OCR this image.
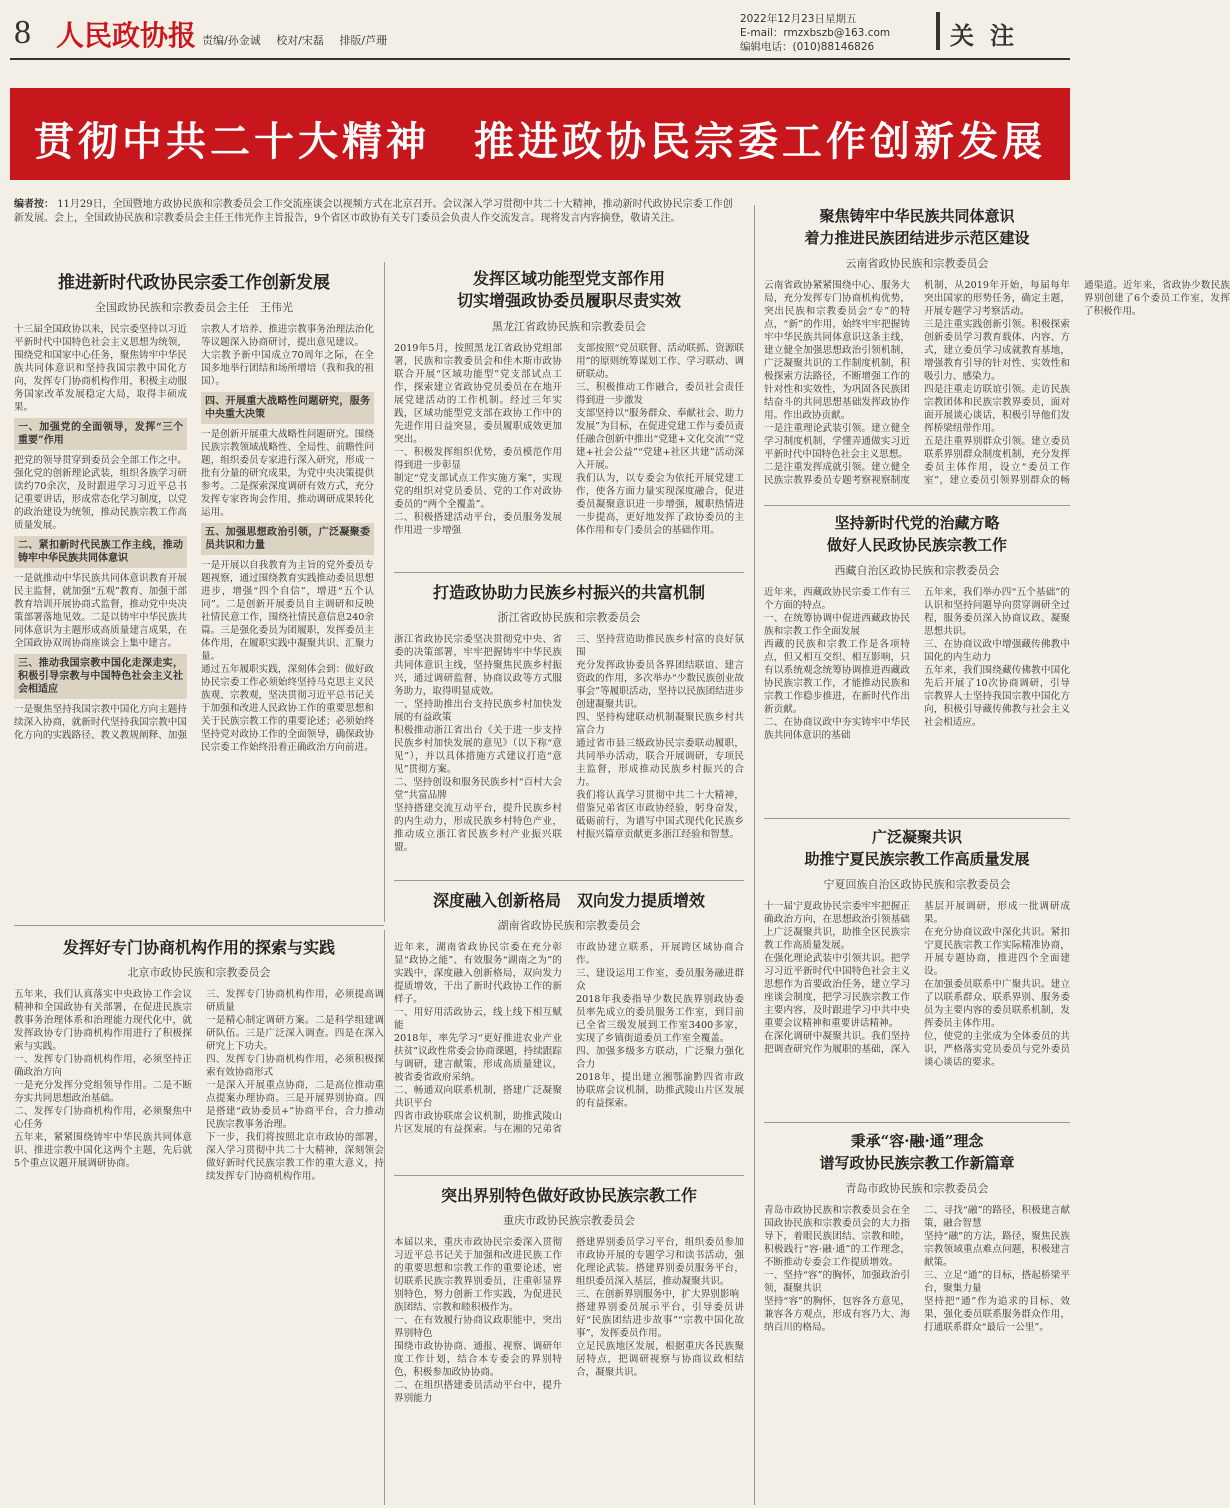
8 人民政协报 责编/孙金诚 校对/宋磊 排版/芦珊
2022年12月23日星期五
E-mail：rmzxbszb@163.com
编辑电话：(010)88146826	关注
贯彻中共二十大精神　推进政协民宗委工作创新发展
编者按： 11月29日，全国暨地方政协民族和宗教委员会工作交流座谈会以视频方式在北京召开。会议深入学习贯彻中共二十大精神，推动新时代政协民宗委工作创新发展。会上，全国政协民族和宗教委员会主任王伟光作主旨报告，9个省区市政协有关专门委员会负责人作交流发言。现将发言内容摘登，敬请关注。
推进新时代政协民宗委工作创新发展
全国政协民族和宗教委员会主任　王伟光

十三届全国政协以来，民宗委坚持以习近平新时代中国特色社会主义思想为统领，围绕党和国家中心任务，聚焦铸牢中华民族共同体意识和坚持我国宗教中国化方向，发挥专门协商机构作用，积极主动服务国家改革发展稳定大局，取得丰硕成果。

一、加强党的全面领导，发挥“三个重要”作用

把党的领导贯穿到委员会全部工作之中。强化党的创新理论武装，组织各族学习研读约70余次，及时跟进学习习近平总书记重要讲话，形成常态化学习制度，以党的政治建设为统领，推动民族宗教工作高质量发展。

二、紧扣新时代民族工作主线，推动铸牢中华民族共同体意识

一是就推动中华民族共同体意识教育开展民主监督，就加强“五观”教育、加强干部教育培训开展协商式监督，推动党中央决策部署落地见效。二是以铸牢中华民族共同体意识为主题形成高质量建言成果，在全国政协双周协商座谈会上集中建言。

三、推动我国宗教中国化走深走实，积极引导宗教与中国特色社会主义社会相适应

一是聚焦坚持我国宗教中国化方向主题持续深入协商，就新时代坚持我国宗教中国化方向的实践路径、教义教规阐释、加强宗教人才培养、推进宗教事务治理法治化等议题深入协商研讨，提出意见建议。

大宗教予新中国成立70周年之际，在全国多地举行团结和场所增培（我和我的祖国）。

四、开展重大战略性问题研究，服务中央重大决策

一是创新开展重大战略性问题研究。围绕民族宗教领域战略性、全局性、前瞻性问题，组织委员专家进行深入研究，形成一批有分量的研究成果，为党中央决策提供参考。二是探索深度调研有效方式，充分发挥专家咨询会作用，推动调研成果转化运用。

五、加强思想政治引领，广泛凝聚委员共识和力量

一是开展以自我教育为主旨的党外委员专题视察，通过围绕教育实践推动委员思想进步，增强“四个自信”，增进“五个认同”。二是创新开展委员自主调研和反映社情民意工作，围绕社情民意信息240余篇。三是强化委员为团履职，发挥委员主体作用，在履职实践中凝聚共识、汇聚力量。

通过五年履职实践，深刻体会到：做好政协民宗委工作必须始终坚持马克思主义民族观、宗教观，坚决贯彻习近平总书记关于加强和改进人民政协工作的重要思想和关于民族宗教工作的重要论述；必须始终坚持党对政协工作的全面领导，确保政协民宗委工作始终沿着正确政治方向前进。

发挥区域功能型党支部作用
切实增强政协委员履职尽责实效
黑龙江省政协民族和宗教委员会

2019年5月，按照黑龙江省政协党组部署，民族和宗教委员会和佳木斯市政协联合开展“区域功能型”党支部试点工作，探索建立省政协党员委员在在地开展党建活动的工作机制。经过三年实践，区域功能型党支部在政协工作中的先进作用日益突显，委员履职成效更加突出。

一、积极发挥组织优势，委员模范作用得到进一步彰显

制定“党支部试点工作实施方案”，实现党的组织对党员委员、党的工作对政协委员的“两个全覆盖”。

二、积极搭建活动平台，委员服务发展作用进一步增强

支部按照“党员联督、活动联抓、资源联用”的原则统筹谋划工作、学习联动、调研联动。

三、积极推动工作融合，委员社会责任得到进一步激发

支部坚持以“服务群众、奉献社会、助力发展”为目标，在促进党建工作与委员责任融合创新中推出“党建+文化交流”“党建+社会公益”“党建+社区共建”活动深入开展。

我们认为，以专委会为依托开展党建工作，使各方面力量实现深度融合，促进委员凝聚意识进一步增强，履职热情进一步提高，更好地发挥了政协委员的主体作用和专门委员会的基础作用。

聚焦铸牢中华民族共同体意识
着力推进民族团结进步示范区建设
云南省政协民族和宗教委员会

云南省政协紧紧围绕中心、服务大局，充分发挥专门协商机构优势，突出民族和宗教委员会“专”的特点，“新”的作用，始终牢牢把握铸牢中华民族共同体意识这条主线，建立健全加强思想政治引领机制，广泛凝聚共识的工作制度机制，积极探索方法路径，不断增强工作的针对性和实效性，为巩固各民族团结奋斗的共同思想基础发挥政协作用。作出政协贡献。

一是注重理论武装引领。建立健全学习制度机制，学懂弄通做实习近平新时代中国特色社会主义思想。

二是注重发挥成就引领。建立健全民族宗教界委员专题考察视察制度机制，从2019年开始，每届每年突出国家的形势任务，确定主题，开展专题学习考察活动。

三是注重实践创新引领。积极探索创新委员学习教育载体、内容、方式，建立委员学习成就教育基地，增强教育引导的针对性、实效性和吸引力、感染力。

四是注重走访联谊引领。走访民族宗教团体和民族宗教界委员，面对面开展谈心谈话，积极引导他们发挥桥梁纽带作用。

五是注重界别群众引领。建立委员联系界别群众制度机制，充分发挥委员主体作用，设立“委员工作室”，建立委员引领界别群众的畅通渠道。近年来，省政协少数民族界别创建了6个委员工作室，发挥了积极作用。

打造政协助力民族乡村振兴的共富机制
浙江省政协民族和宗教委员会

浙江省政协民宗委坚决贯彻党中央、省委的决策部署，牢牢把握铸牢中华民族共同体意识主线，坚持聚焦民族乡村振兴，通过调研监督、协商议政等方式服务助力，取得明显成效。

一、坚持助推出台支持民族乡村加快发展的有益政策

积极推动浙江省出台《关于进一步支持民族乡村加快发展的意见》（以下称“意见”），并以具体措施方式建议打造“意见”贯彻方案。

二、坚持创设和服务民族乡村“百村大会堂”共富品牌

坚持搭建交流互动平台，提升民族乡村的内生动力，形成民族乡村特色产业，推动成立浙江省民族乡村产业振兴联盟。

三、坚持营造助推民族乡村富的良好氛围

充分发挥政协委员各界团结联谊、建言资政的作用，多次举办“少数民族创业故事会”等履职活动，坚持以民族团结进步创建凝聚共识。

四、坚持构建联动机制凝聚民族乡村共富合力

通过省市县三级政协民宗委联动履职，共同举办活动，联合开展调研，专项民主监督，形成推动民族乡村振兴的合力。

我们将认真学习贯彻中共二十大精神，借鉴兄弟省区市政协经验，躬身奋发，砥砺前行，为谱写中国式现代化民族乡村振兴篇章贡献更多浙江经验和智慧。

坚持新时代党的治藏方略
做好人民政协民族宗教工作
西藏自治区政协民族和宗教委员会

近年来，西藏政协民宗委工作有三个方面的特点。

一、在统筹协调中促进西藏政协民族和宗教工作全面发展

西藏的民族和宗教工作是各项特点，但又相互交织、相互影响，只有以系统观念统筹协调推进西藏政协民族宗教工作，才能推动民族和宗教工作稳步推进，在新时代作出新贡献。

二、在协商议政中夯实铸牢中华民族共同体意识的基础

五年来，我们举办四“五个基础”的认识和坚持问题导向贯穿调研全过程，服务委员深入协商议政、凝聚思想共识。

三、在协商议政中增强藏传佛教中国化的内生动力

五年来，我们围绕藏传佛教中国化先后开展了10次协商调研，引导宗教界人士坚持我国宗教中国化方向，积极引导藏传佛教与社会主义社会相适应。

深度融入创新格局　双向发力提质增效
湖南省政协民族和宗教委员会

近年来，湖南省政协民宗委在充分彰显“政协之能”、有效服务“湖南之为”的实践中，深度融入创新格局，双向发力提质增效，干出了新时代政协工作的新样子。

一、用好用活政协云，线上线下相互赋能

2018年，率先学习“更好推进农业产业扶贫”议政性常委会协商课题，持续跟踪与调研，建言献策，形成高质量建议，被省委省政府采纳。

二、畅通双向联系机制，搭建广泛凝聚共识平台

四省市政协联席会议机制，助推武陵山片区发展的有益探索。与在湘的兄弟省市政协建立联系，开展跨区域协商合作。

三、建设运用工作室，委员服务融进群众

2018年我委指导少数民族界别政协委员率先成立的委员服务工作室，到目前已全省三级发展到工作室3400多家，实现了乡镇街道委员工作室全覆盖。

四、加强多级多方联动，广泛聚力强化合力

2018年，提出建立湘鄂渝黔四省市政协联席会议机制，助推武陵山片区发展的有益探索。

广泛凝聚共识
助推宁夏民族宗教工作高质量发展
宁夏回族自治区政协民族和宗教委员会

十一届宁夏政协民宗委牢牢把握正确政治方向，在思想政治引领基础上广泛凝聚共识，助推全区民族宗教工作高质量发展。

在强化理论武装中引领共识。把学习习近平新时代中国特色社会主义思想作为首要政治任务，建立学习座谈会制度，把学习民族宗教工作主要内容，及时跟进学习中共中央重要会议精神和重要讲话精神。

在深化调研中凝聚共识。我们坚持把调查研究作为履职的基础，深入基层开展调研，形成一批调研成果。

在充分协商议政中深化共识。紧扣宁夏民族宗教工作实际精准协商，开展专题协商，推进四个全面建设。

在加强委员联系中广聚共识。建立了以联系群众、联系界别、服务委员为主要内容的委员联系机制，发挥委员主体作用。

位，使党的主张成为全体委员的共识，严格落实党员委员与党外委员谈心谈话的要求。

发挥好专门协商机构作用的探索与实践
北京市政协民族和宗教委员会

五年来，我们认真落实中央政协工作会议精神和全国政协有关部署，在促进民族宗教事务治理体系和治理能力现代化中，就发挥政协专门协商机构作用进行了积极探索与实践。

一、发挥专门协商机构作用，必须坚持正确政治方向

一是充分发挥分党组领导作用。二是不断夯实共同思想政治基础。

二、发挥专门协商机构作用，必须聚焦中心任务

五年来，紧紧围绕铸牢中华民族共同体意识、推进宗教中国化这两个主题，先后就5个重点议题开展调研协商。

三、发挥专门协商机构作用，必须提高调研质量

一是精心制定调研方案。二是科学组建调研队伍。三是广泛深入调查。四是在深入研究上下功夫。

四、发挥专门协商机构作用，必须积极探索有效协商形式

一是深入开展重点协商，二是高位推动重点提案办理协商。三是开展界别协商。四是搭建“政协委员+”协商平台，合力推动民族宗教事务治理。

下一步，我们将按照北京市政协的部署，深入学习贯彻中共二十大精神，深刻领会做好新时代民族宗教工作的重大意义，持续发挥专门协商机构作用。

突出界别特色做好政协民族宗教工作
重庆市政协民族宗教委员会

本届以来，重庆市政协民宗委深入贯彻习近平总书记关于加强和改进民族工作的重要思想和宗教工作的重要论述，密切联系民族宗教界别委员，注重彰显界别特色，努力创新工作实践，为促进民族团结、宗教和睦积极作为。

一、在有效履行协商议政职能中，突出界别特色

围绕市政协协商、通报、视察、调研年度工作计划，结合本专委会的界别特色，积极参加政协协商。

二、在组织搭建委员活动平台中，提升界别能力

搭建界别委员学习平台，组织委员参加市政协开展的专题学习和读书活动，强化理论武装。搭建界别委员服务平台，组织委员深入基层，推动凝聚共识。

三、在创新界别服务中，扩大界别影响

搭建界别委员展示平台，引导委员讲好“民族团结进步故事”“宗教中国化故事”，发挥委员作用。

立足民族地区发展，根据重庆各民族聚居特点，把调研视察与协商议政相结合，凝聚共识。

秉承“容·融·通”理念
谱写政协民族宗教工作新篇章
青岛市政协民族和宗教委员会

青岛市政协民族和宗教委员会在全国政协民族和宗教委员会的大力指导下，着眼民族团结、宗教和睦，积极践行“容·融·通”的工作理念，不断推动专委会工作提质增效。

一、坚持“容”的胸怀，加强政治引领，凝聚共识

坚持“容”的胸怀，包容各方意见，兼容各方观点，形成有容乃大、海纳百川的格局。

二、寻找“融”的路径，积极建言献策，融合智慧

坚持“融”的方法，路径，聚焦民族宗教领域重点难点问题，积极建言献策。

三、立足“通”的目标，搭起桥梁平台，聚集力量

坚持把“通”作为追求的目标、效果，强化委员联系服务群众作用，打通联系群众“最后一公里”。
